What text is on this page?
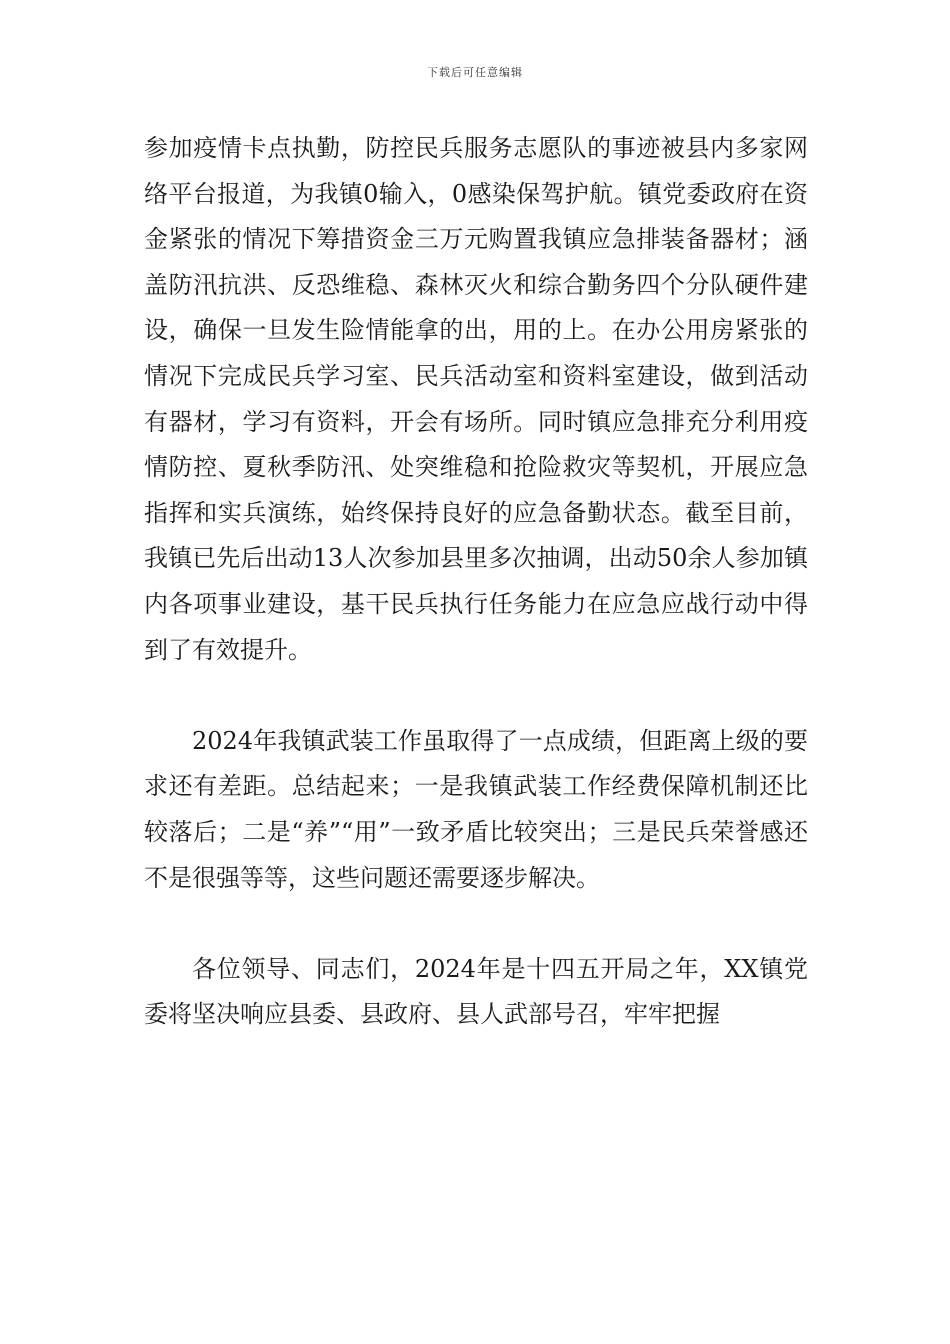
下载后可任意编辑

参加疫情卡点执勤，防控民兵服务志愿队的事迹被县内多家网络平台报道，为我镇0输入，0感染保驾护航。镇党委政府在资金紧张的情况下筹措资金三万元购置我镇应急排装备器材；涵盖防汛抗洪、反恐维稳、森林灭火和综合勤务四个分队硬件建设，确保一旦发生险情能拿的出，用的上。在办公用房紧张的情况下完成民兵学习室、民兵活动室和资料室建设，做到活动有器材，学习有资料，开会有场所。同时镇应急排充分利用疫情防控、夏秋季防汛、处突维稳和抢险救灾等契机，开展应急指挥和实兵演练，始终保持良好的应急备勤状态。截至目前，我镇已先后出动13人次参加县里多次抽调，出动50余人参加镇内各项事业建设，基干民兵执行任务能力在应急应战行动中得到了有效提升。

2024年我镇武装工作虽取得了一点成绩，但距离上级的要求还有差距。总结起来；一是我镇武装工作经费保障机制还比较落后；二是“养”“用”一致矛盾比较突出；三是民兵荣誉感还不是很强等等，这些问题还需要逐步解决。

各位领导、同志们，2024年是十四五开局之年，XX镇党委将坚决响应县委、县政府、县人武部号召，牢牢把握
